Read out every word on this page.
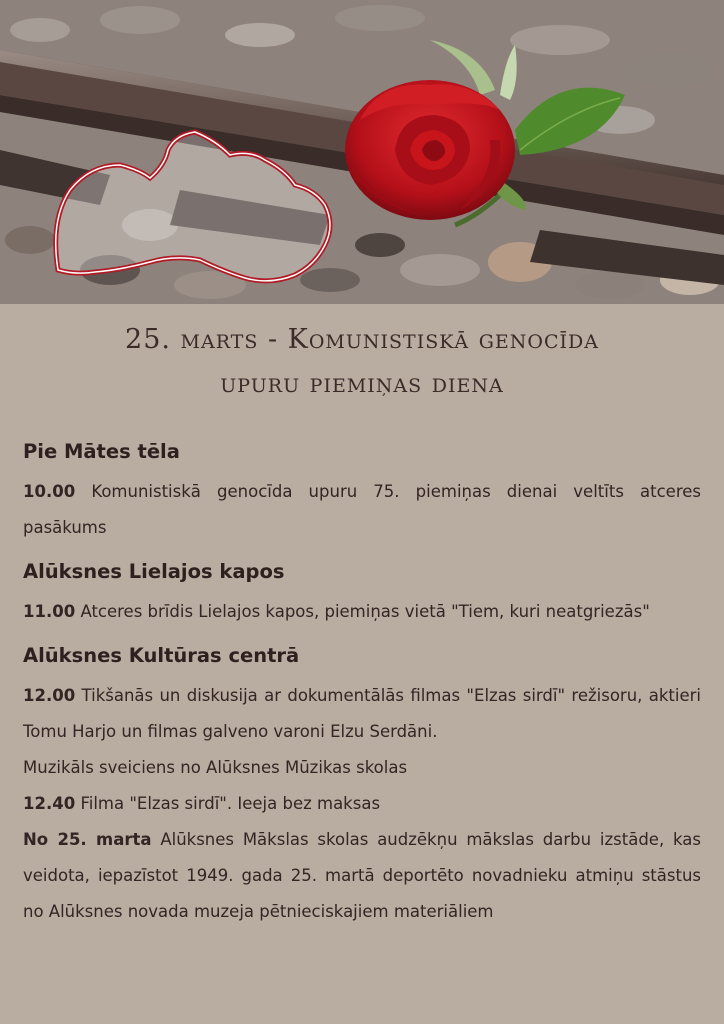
25. marts - Komunistiskā genocīda
upuru piemiņas diena
Pie Mātes tēla

10.00 Komunistiskā genocīda upuru 75. piemiņas dienai veltīts atceres pasākums

Alūksnes Lielajos kapos

11.00 Atceres brīdis Lielajos kapos, piemiņas vietā "Tiem, kuri neatgriezās"

Alūksnes Kultūras centrā

12.00 Tikšanās un diskusija ar dokumentālās filmas "Elzas sirdī" režisoru, aktieri Tomu Harjo un filmas galveno varoni Elzu Serdāni.

Muzikāls sveiciens no Alūksnes Mūzikas skolas

12.40 Filma "Elzas sirdī". Ieeja bez maksas

No 25. marta Alūksnes Mākslas skolas audzēkņu mākslas darbu izstāde, kas veidota, iepazīstot 1949. gada 25. martā deportēto novadnieku atmiņu stāstus no Alūksnes novada muzeja pētnieciskajiem materiāliem
